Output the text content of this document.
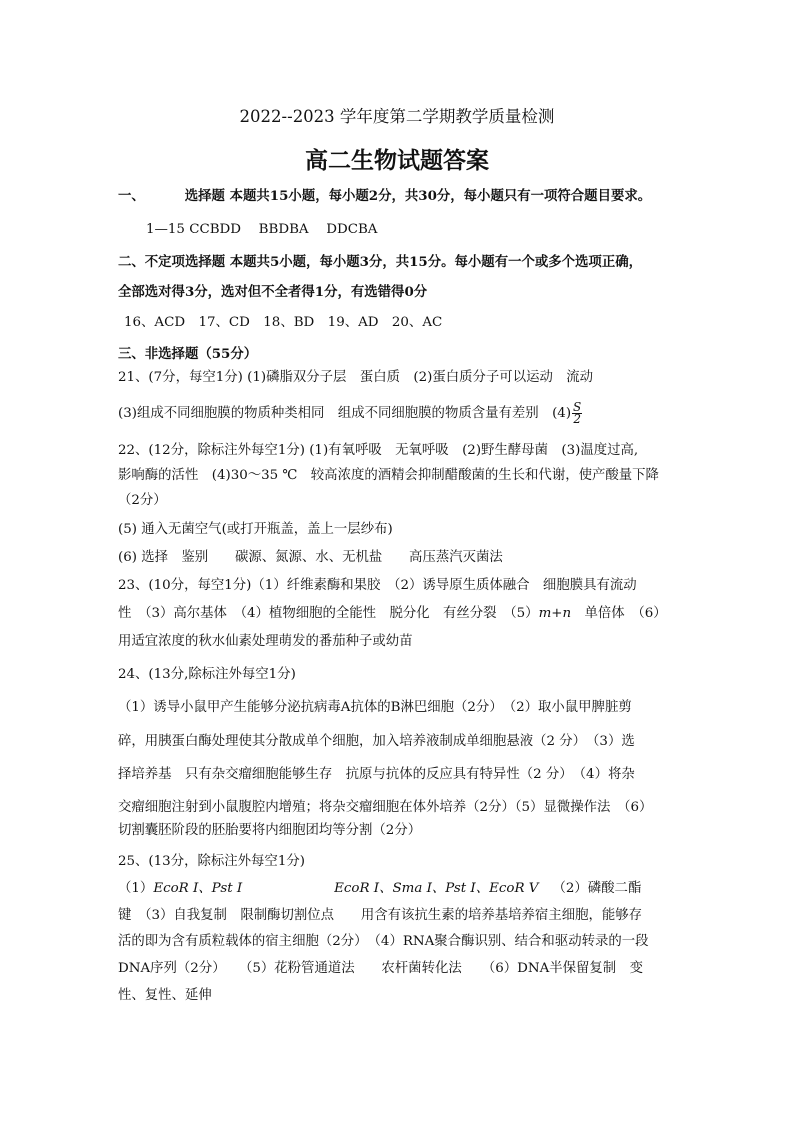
2022--2023 学年度第二学期教学质量检测
高二生物试题答案
一、	选择题 本题共15小题，每小题2分，共30分，每小题只有一项符合题目要求。
1—15 CCBDD　 BBDBA　 DDCBA
二、不定项选择题 本题共5小题，每小题3分，共15分。每小题有一个或多个选项正确，
全部选对得3分，选对但不全者得1分，有选错得0分
16、ACD　17、CD　18、BD　19、AD　20、AC
三、非选择题（55分）
21、(7分，每空1分) (1)磷脂双分子层　蛋白质　(2)蛋白质分子可以运动　流动
(3)组成不同细胞膜的物质种类相同　组成不同细胞膜的物质含量有差别　$(4) \frac{S}{2}$
22、(12分，除标注外每空1分) (1)有氧呼吸　无氧呼吸　(2)野生酵母菌　(3)温度过高,
影响酶的活性　(4)30～35 ℃　较高浓度的酒精会抑制醋酸菌的生长和代谢，使产酸量下降
（2分）
(5) 通入无菌空气(或打开瓶盖，盖上一层纱布)
(6) 选择　鉴别　　碳源、氮源、水、无机盐　　高压蒸汽灭菌法
23、(10分，每空1分)（1）纤维素酶和果胶　（2）诱导原生质体融合　细胞膜具有流动
性　（3）高尔基体　（4）植物细胞的全能性　脱分化　有丝分裂　（5）m+n　单倍体　（6）
用适宜浓度的秋水仙素处理萌发的番茄种子或幼苗
24、(13分,除标注外每空1分)
（1）诱导小鼠甲产生能够分泌抗病毒A抗体的B淋巴细胞（2分）　（2）取小鼠甲脾脏剪
碎，用胰蛋白酶处理使其分散成单个细胞，加入培养液制成单细胞悬液（2 分）　（3）选
择培养基　只有杂交瘤细胞能够生存　抗原与抗体的反应具有特异性（2 分）　（4）将杂
交瘤细胞注射到小鼠腹腔内增殖；将杂交瘤细胞在体外培养（2分）（5）显微操作法　（6）
切割囊胚阶段的胚胎要将内细胞团均等分割（2分）
25、(13分，除标注外每空1分)
（1）EcoR Ⅰ、Pst Ⅰ	EcoR Ⅰ、Sma Ⅰ、Pst Ⅰ、EcoR Ⅴ （2）磷酸二酯
键　（3）自我复制　限制酶切割位点　　用含有该抗生素的培养基培养宿主细胞，能够存
活的即为含有质粒载体的宿主细胞（2分）　（4）RNA聚合酶识别、结合和驱动转录的一段
DNA序列（2分）　　（5）花粉管通道法　　农杆菌转化法　　（6）DNA半保留复制　变
性、复性、延伸
